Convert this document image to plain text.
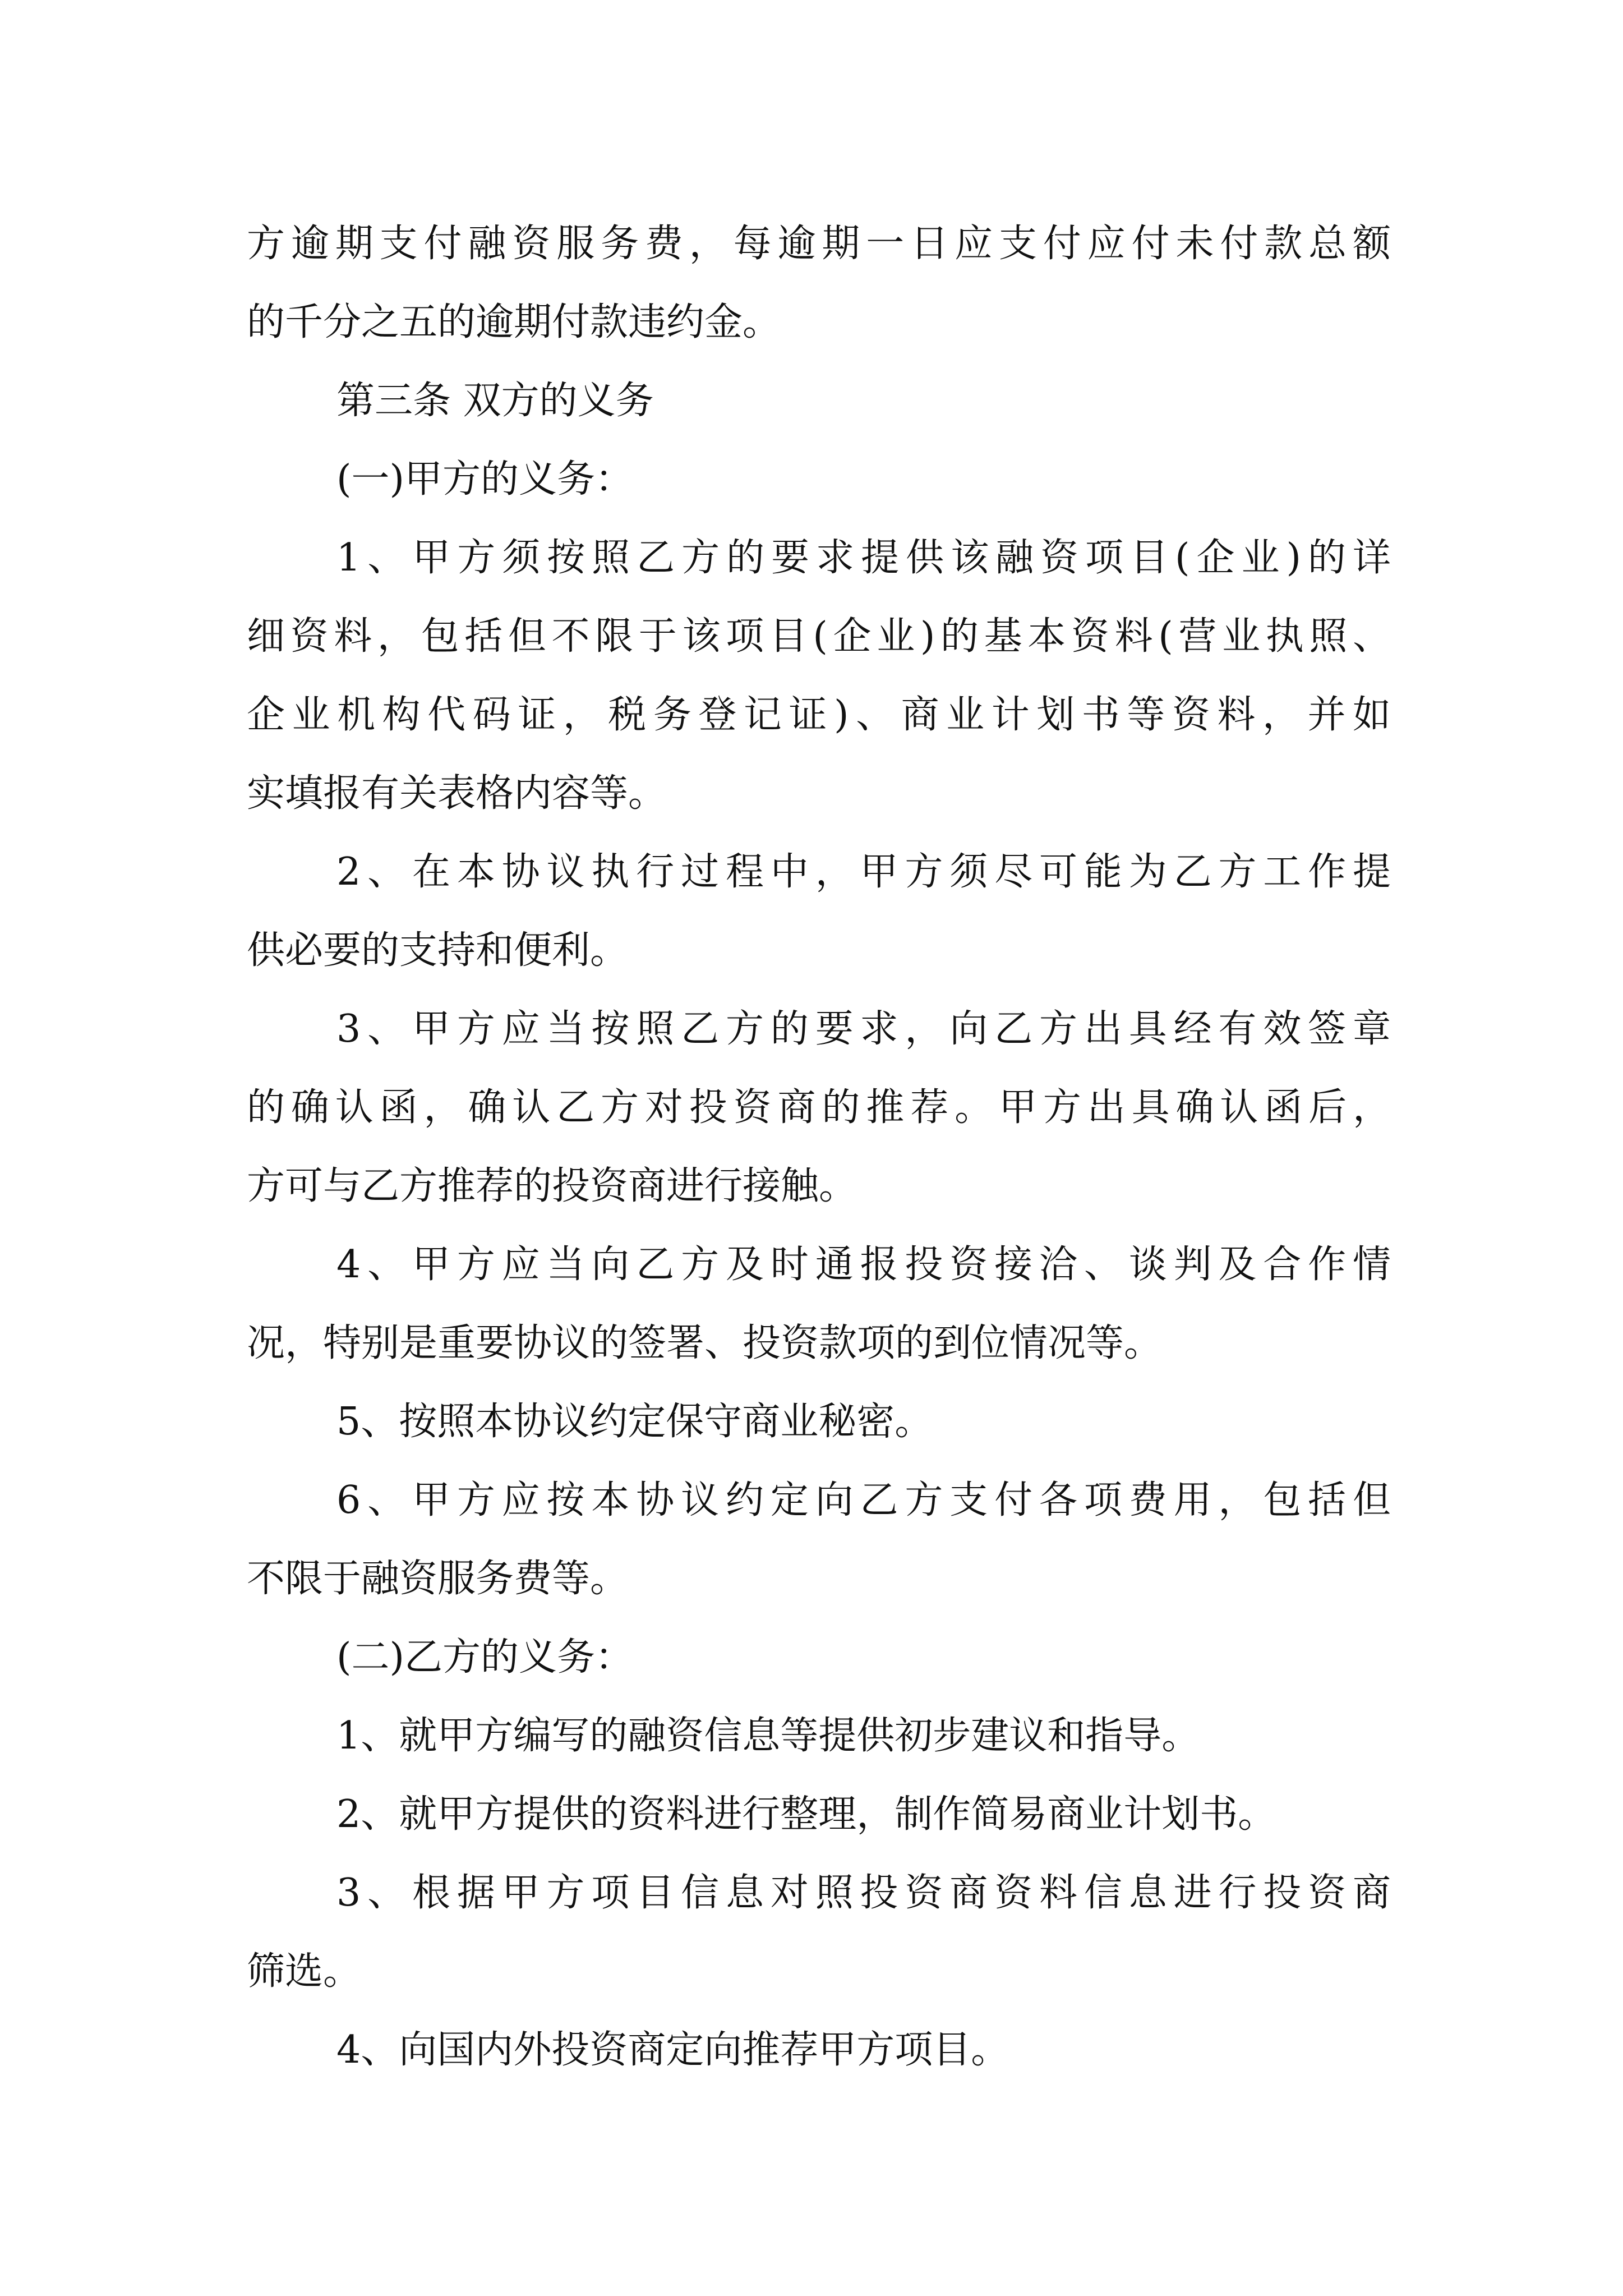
方逾期支付融资服务费，每逾期一日应支付应付未付款总额
的千分之五的逾期付款违约金。
第三条 双方的义务
(一)甲方的义务：
1、甲方须按照乙方的要求提供该融资项目(企业)的详
细资料，包括但不限于该项目(企业)的基本资料(营业执照、
企业机构代码证，税务登记证)、商业计划书等资料，并如
实填报有关表格内容等。
2、在本协议执行过程中，甲方须尽可能为乙方工作提
供必要的支持和便利。
3、甲方应当按照乙方的要求，向乙方出具经有效签章
的确认函，确认乙方对投资商的推荐。甲方出具确认函后，
方可与乙方推荐的投资商进行接触。
4、甲方应当向乙方及时通报投资接洽、谈判及合作情
况，特别是重要协议的签署、投资款项的到位情况等。
5、按照本协议约定保守商业秘密。
6、甲方应按本协议约定向乙方支付各项费用，包括但
不限于融资服务费等。
(二)乙方的义务：
1、就甲方编写的融资信息等提供初步建议和指导。
2、就甲方提供的资料进行整理，制作简易商业计划书。
3、根据甲方项目信息对照投资商资料信息进行投资商
筛选。
4、向国内外投资商定向推荐甲方项目。
